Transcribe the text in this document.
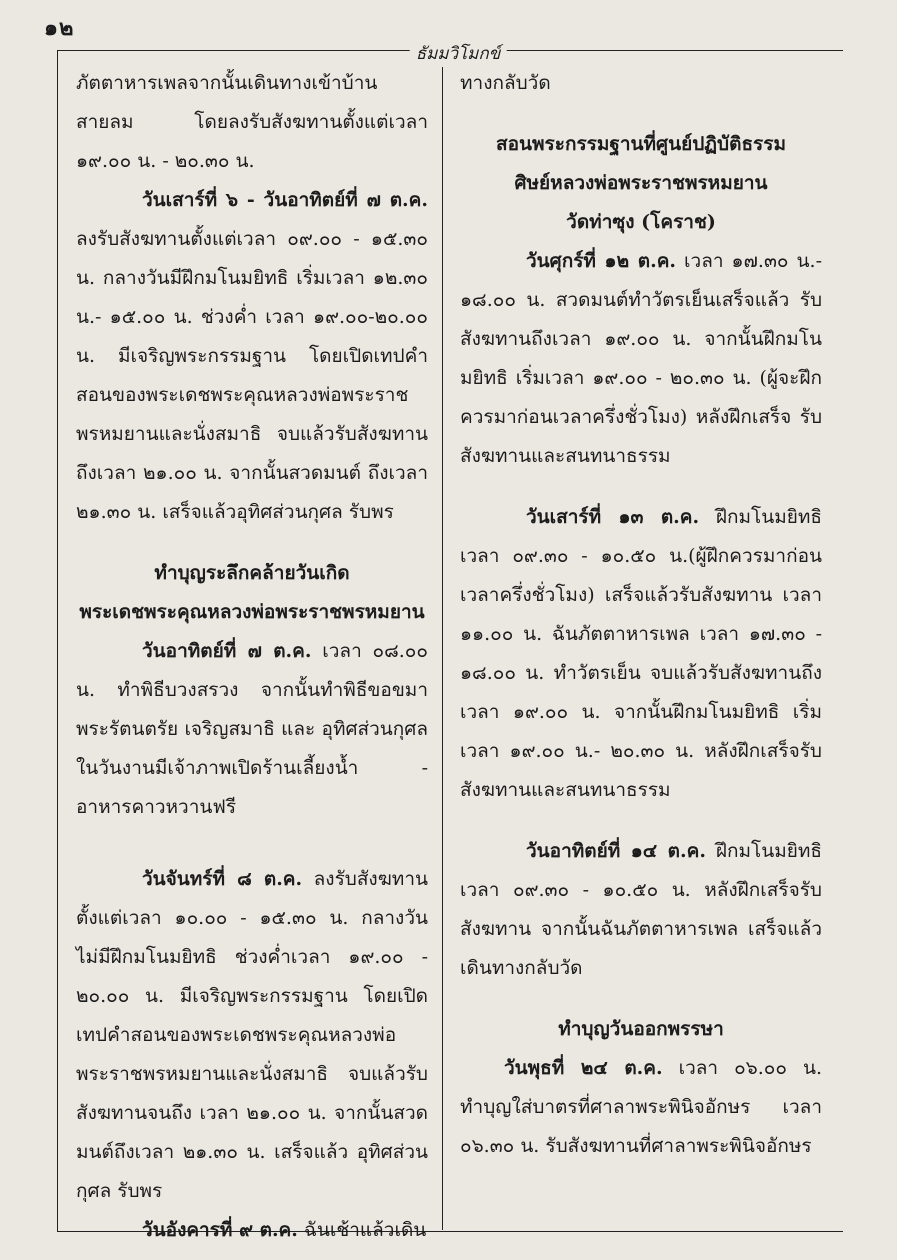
๑๒
ธัมมวิโมกข์

ภัตตาหารเพลจากนั้นเดินทางเข้าบ้านสายลม โดยลงรับสังฆทานตั้งแต่เวลา ๑๙.๐๐ น. - ๒๐.๓๐ น.

วันเสาร์ที่ ๖ - วันอาทิตย์ที่ ๗ ต.ค. ลงรับสังฆทานตั้งแต่เวลา ๐๙.๐๐ - ๑๕.๓๐ น. กลางวันมีฝึกมโนมยิทธิ เริ่มเวลา ๑๒.๓๐ น.- ๑๕.๐๐ น. ช่วงค่ำ เวลา ๑๙.๐๐-๒๐.๐๐ น. มีเจริญพระกรรมฐาน โดยเปิดเทปคำสอนของพระเดชพระคุณหลวงพ่อพระราชพรหมยานและนั่งสมาธิ จบแล้วรับสังฆทาน ถึงเวลา ๒๑.๐๐ น. จากนั้นสวดมนต์ ถึงเวลา ๒๑.๓๐ น. เสร็จแล้วอุทิศส่วนกุศล รับพร

ทำบุญระลึกคล้ายวันเกิด

พระเดชพระคุณหลวงพ่อพระราชพรหมยาน

วันอาทิตย์ที่ ๗ ต.ค. เวลา ๐๘.๐๐ น. ทำพิธีบวงสรวง จากนั้นทำพิธีขอขมาพระรัตนตรัย เจริญสมาธิ และ อุทิศส่วนกุศล ในวันงานมีเจ้าภาพเปิดร้านเลี้ยงน้ำ - อาหารคาวหวานฟรี

วันจันทร์ที่ ๘ ต.ค. ลงรับสังฆทานตั้งแต่เวลา ๑๐.๐๐ - ๑๕.๓๐ น. กลางวันไม่มีฝึกมโนมยิทธิ ช่วงค่ำเวลา ๑๙.๐๐ - ๒๐.๐๐ น. มีเจริญพระกรรมฐาน โดยเปิดเทปคำสอนของพระเดชพระคุณหลวงพ่อพระราชพรหมยานและนั่งสมาธิ จบแล้วรับสังฆทานจนถึง เวลา ๒๑.๐๐ น. จากนั้นสวดมนต์ถึงเวลา ๒๑.๓๐ น. เสร็จแล้ว อุทิศส่วนกุศล รับพร

วันอังคารที่ ๙ ต.ค. ฉันเช้าแล้วเดิน

ทางกลับวัด

สอนพระกรรมฐานที่ศูนย์ปฏิบัติธรรม

ศิษย์หลวงพ่อพระราชพรหมยาน

วัดท่าซุง (โคราช)

วันศุกร์ที่ ๑๒ ต.ค. เวลา ๑๗.๓๐ น.- ๑๘.๐๐ น. สวดมนต์ทำวัตรเย็นเสร็จแล้ว รับสังฆทานถึงเวลา ๑๙.๐๐ น. จากนั้นฝึกมโนมยิทธิ เริ่มเวลา ๑๙.๐๐ - ๒๐.๓๐ น. (ผู้จะฝึกควรมาก่อนเวลาครึ่งชั่วโมง) หลังฝึกเสร็จ รับสังฆทานและสนทนาธรรม

วันเสาร์ที่ ๑๓ ต.ค. ฝึกมโนมยิทธิเวลา ๐๙.๓๐ - ๑๐.๕๐ น.(ผู้ฝึกควรมาก่อนเวลาครึ่งชั่วโมง) เสร็จแล้วรับสังฆทาน เวลา ๑๑.๐๐ น. ฉันภัตตาหารเพล เวลา ๑๗.๓๐ - ๑๘.๐๐ น. ทำวัตรเย็น จบแล้วรับสังฆทานถึงเวลา ๑๙.๐๐ น. จากนั้นฝึกมโนมยิทธิ เริ่มเวลา ๑๙.๐๐ น.- ๒๐.๓๐ น. หลังฝึกเสร็จรับสังฆทานและสนทนาธรรม

วันอาทิตย์ที่ ๑๔ ต.ค. ฝึกมโนมยิทธิ เวลา ๐๙.๓๐ - ๑๐.๕๐ น. หลังฝึกเสร็จรับสังฆทาน จากนั้นฉันภัตตาหารเพล เสร็จแล้ว เดินทางกลับวัด

ทำบุญวันออกพรรษา

วันพุธที่ ๒๔ ต.ค. เวลา ๐๖.๐๐ น. ทำบุญใส่บาตรที่ศาลาพระพินิจอักษร เวลา ๐๖.๓๐ น. รับสังฆทานที่ศาลาพระพินิจอักษร
